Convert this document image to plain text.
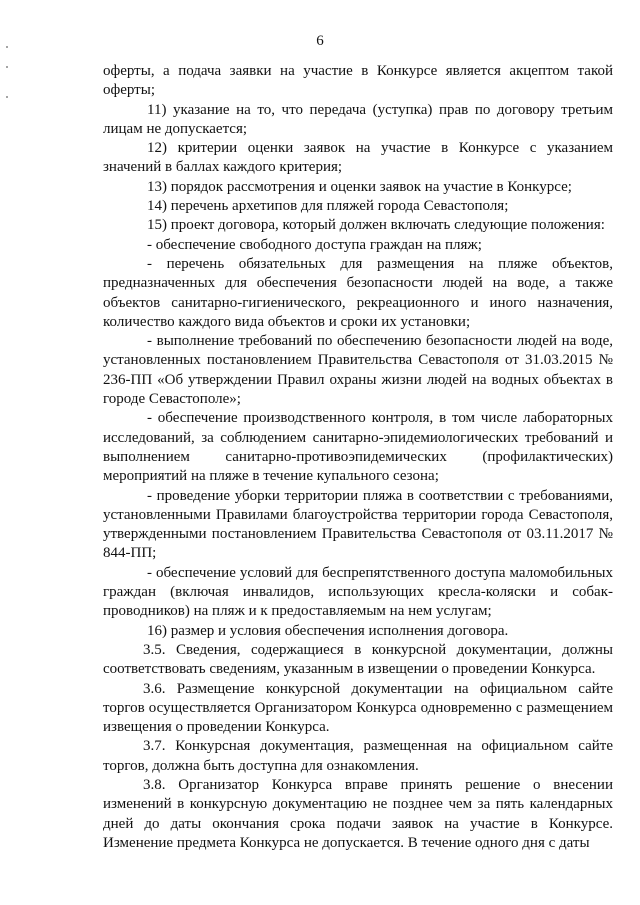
6

оферты, а подача заявки на участие в Конкурсе является акцептом такой оферты;

11) указание на то, что передача (уступка) прав по договору третьим лицам не допускается;

12) критерии оценки заявок на участие в Конкурсе с указанием значений в баллах каждого критерия;

13) порядок рассмотрения и оценки заявок на участие в Конкурсе;

14) перечень архетипов для пляжей города Севастополя;

15) проект договора, который должен включать следующие положения:

- обеспечение свободного доступа граждан на пляж;

- перечень обязательных для размещения на пляже объектов, предназначенных для обеспечения безопасности людей на воде, а также объектов санитарно-гигиенического, рекреационного и иного назначения, количество каждого вида объектов и сроки их установки;

- выполнение требований по обеспечению безопасности людей на воде, установленных постановлением Правительства Севастополя от 31.03.2015 № 236-ПП «Об утверждении Правил охраны жизни людей на водных объектах в городе Севастополе»;

- обеспечение производственного контроля, в том числе лабораторных исследований, за соблюдением санитарно-эпидемиологических требований и выполнением санитарно-противоэпидемических (профилактических) мероприятий на пляже в течение купального сезона;

- проведение уборки территории пляжа в соответствии с требованиями, установленными Правилами благоустройства территории города Севастополя, утвержденными постановлением Правительства Севастополя от 03.11.2017 № 844-ПП;

- обеспечение условий для беспрепятственного доступа маломобильных граждан (включая инвалидов, использующих кресла-коляски и собак-проводников) на пляж и к предоставляемым на нем услугам;

16) размер и условия обеспечения исполнения договора.

3.5. Сведения, содержащиеся в конкурсной документации, должны соответствовать сведениям, указанным в извещении о проведении Конкурса.

3.6. Размещение конкурсной документации на официальном сайте торгов осуществляется Организатором Конкурса одновременно с размещением извещения о проведении Конкурса.

3.7. Конкурсная документация, размещенная на официальном сайте торгов, должна быть доступна для ознакомления.

3.8. Организатор Конкурса вправе принять решение о внесении изменений в конкурсную документацию не позднее чем за пять календарных дней до даты окончания срока подачи заявок на участие в Конкурсе. Изменение предмета Конкурса не допускается. В течение одного дня с даты
